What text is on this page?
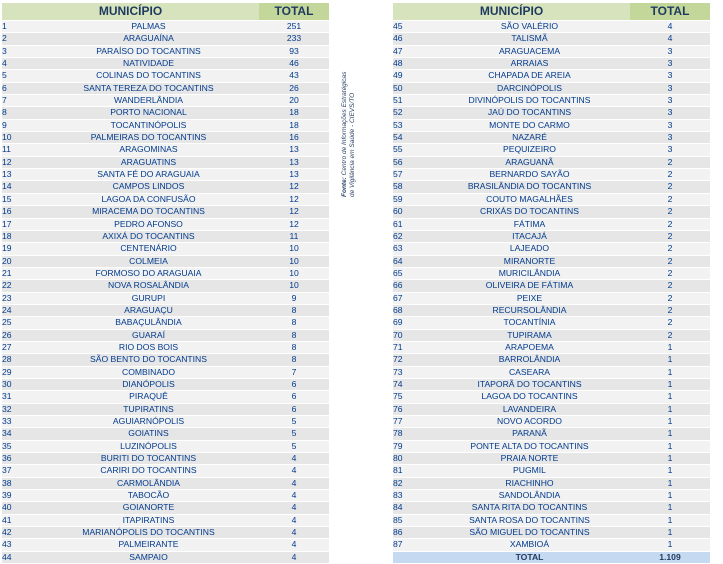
MUNICÍPIO		TOTAL
1	PALMAS	251
2	ARAGUAÍNA	233
3	PARAÍSO DO TOCANTINS	93
4	NATIVIDADE	46
5	COLINAS DO TOCANTINS	43
6	SANTA TEREZA DO TOCANTINS	26
7	WANDERLÂNDIA	20
8	PORTO NACIONAL	18
9	TOCANTINÓPOLIS	18
10	PALMEIRAS DO TOCANTINS	16
11	ARAGOMINAS	13
12	ARAGUATINS	13
13	SANTA FÉ DO ARAGUAIA	13
14	CAMPOS LINDOS	12
15	LAGOA DA CONFUSÃO	12
16	MIRACEMA DO TOCANTINS	12
17	PEDRO AFONSO	12
18	AXIXÁ DO TOCANTINS	11
19	CENTENÁRIO	10
20	COLMEIA	10
21	FORMOSO DO ARAGUAIA	10
22	NOVA ROSALÂNDIA	10
23	GURUPI	9
24	ARAGUAÇU	8
25	BABAÇULÂNDIA	8
26	GUARAÍ	8
27	RIO DOS BOIS	8
28	SÃO BENTO DO TOCANTINS	8
29	COMBINADO	7
30	DIANÓPOLIS	6
31	PIRAQUÊ	6
32	TUPIRATINS	6
33	AGUIARNÓPOLIS	5
34	GOIATINS	5
35	LUZINÓPOLIS	5
36	BURITI DO TOCANTINS	4
37	CARIRI DO TOCANTINS	4
38	CARMOLÂNDIA	4
39	TABOCÃO	4
40	GOIANORTE	4
41	ITAPIRATINS	4
42	MARIANÓPOLIS DO TOCANTINS	4
43	PALMEIRANTE	4
44	SAMPAIO	4
Fonte: Centro de Informações Estratégicas
de Vigilância em Saúde - CIEVS/TO
MUNICÍPIO		TOTAL
45	SÃO VALÉRIO	4
46	TALISMÃ	4
47	ARAGUACEMA	3
48	ARRAIAS	3
49	CHAPADA DE AREIA	3
50	DARCINÓPOLIS	3
51	DIVINÓPOLIS DO TOCANTINS	3
52	JAÚ DO TOCANTINS	3
53	MONTE DO CARMO	3
54	NAZARÉ	3
55	PEQUIZEIRO	3
56	ARAGUANÃ	2
57	BERNARDO SAYÃO	2
58	BRASILÂNDIA DO TOCANTINS	2
59	COUTO MAGALHÃES	2
60	CRIXÁS DO TOCANTINS	2
61	FÁTIMA	2
62	ITACAJÁ	2
63	LAJEADO	2
64	MIRANORTE	2
65	MURICILÂNDIA	2
66	OLIVEIRA DE FÁTIMA	2
67	PEIXE	2
68	RECURSOLÂNDIA	2
69	TOCANTÍNIA	2
70	TUPIRAMA	2
71	ARAPOEMA	1
72	BARROLÂNDIA	1
73	CASEARA	1
74	ITAPORÃ DO TOCANTINS	1
75	LAGOA DO TOCANTINS	1
76	LAVANDEIRA	1
77	NOVO ACORDO	1
78	PARANÃ	1
79	PONTE ALTA DO TOCANTINS	1
80	PRAIA NORTE	1
81	PUGMIL	1
82	RIACHINHO	1
83	SANDOLÂNDIA	1
84	SANTA RITA DO TOCANTINS	1
85	SANTA ROSA DO TOCANTINS	1
86	SÃO MIGUEL DO TOCANTINS	1
87	XAMBIOÁ	1
	TOTAL	1.109
